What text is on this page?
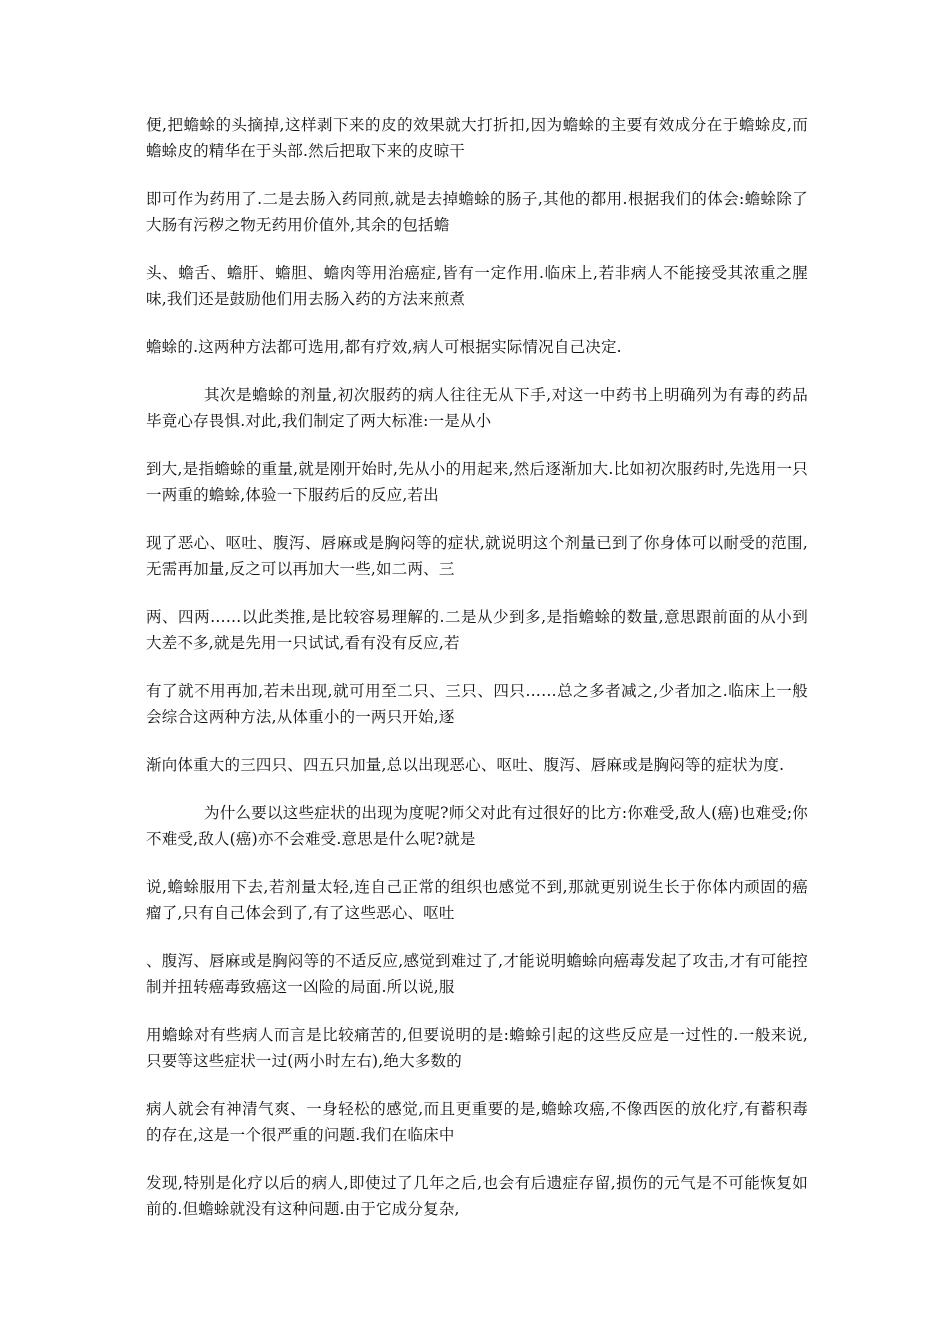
便,把蟾蜍的头摘掉,这样剥下来的皮的效果就大打折扣,因为蟾蜍的主要有效成分在于蟾蜍皮,而蟾蜍皮的精华在于头部.然后把取下来的皮晾干

即可作为药用了.二是去肠入药同煎,就是去掉蟾蜍的肠子,其他的都用.根据我们的体会:蟾蜍除了大肠有污秽之物无药用价值外,其余的包括蟾

头、蟾舌、蟾肝、蟾胆、蟾肉等用治癌症,皆有一定作用.临床上,若非病人不能接受其浓重之腥味,我们还是鼓励他们用去肠入药的方法来煎煮

蟾蜍的.这两种方法都可选用,都有疗效,病人可根据实际情况自己决定.

其次是蟾蜍的剂量,初次服药的病人往往无从下手,对这一中药书上明确列为有毒的药品毕竟心存畏惧.对此,我们制定了两大标准:一是从小

到大,是指蟾蜍的重量,就是刚开始时,先从小的用起来,然后逐渐加大.比如初次服药时,先选用一只一两重的蟾蜍,体验一下服药后的反应,若出

现了恶心、呕吐、腹泻、唇麻或是胸闷等的症状,就说明这个剂量已到了你身体可以耐受的范围,无需再加量,反之可以再加大一些,如二两、三

两、四两……以此类推,是比较容易理解的.二是从少到多,是指蟾蜍的数量,意思跟前面的从小到大差不多,就是先用一只试试,看有没有反应,若

有了就不用再加,若未出现,就可用至二只、三只、四只……总之多者减之,少者加之.临床上一般会综合这两种方法,从体重小的一两只开始,逐

渐向体重大的三四只、四五只加量,总以出现恶心、呕吐、腹泻、唇麻或是胸闷等的症状为度.

为什么要以这些症状的出现为度呢?师父对此有过很好的比方:你难受,敌人(癌)也难受;你不难受,敌人(癌)亦不会难受.意思是什么呢?就是

说,蟾蜍服用下去,若剂量太轻,连自己正常的组织也感觉不到,那就更别说生长于你体内顽固的癌瘤了,只有自己体会到了,有了这些恶心、呕吐

、腹泻、唇麻或是胸闷等的不适反应,感觉到难过了,才能说明蟾蜍向癌毒发起了攻击,才有可能控制并扭转癌毒致癌这一凶险的局面.所以说,服

用蟾蜍对有些病人而言是比较痛苦的,但要说明的是:蟾蜍引起的这些反应是一过性的.一般来说,只要等这些症状一过(两小时左右),绝大多数的

病人就会有神清气爽、一身轻松的感觉,而且更重要的是,蟾蜍攻癌,不像西医的放化疗,有蓄积毒的存在,这是一个很严重的问题.我们在临床中

发现,特别是化疗以后的病人,即使过了几年之后,也会有后遗症存留,损伤的元气是不可能恢复如前的.但蟾蜍就没有这种问题.由于它成分复杂,
